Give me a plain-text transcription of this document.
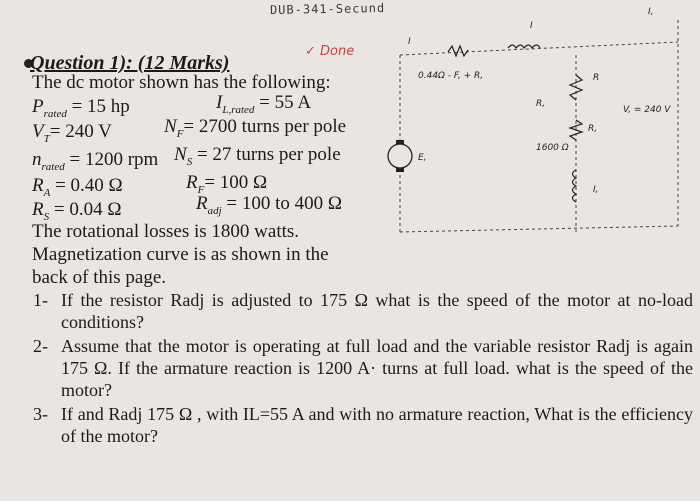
DUB-341-Secund
Question 1): (12 Marks)
✓ Done
The dc motor shown has the following:
$P_{rated} = 15$ hp	$I_{L,rated} = 55$ A
$V_T= 240$ V	$N_F= 2700$ turns per pole
$n_{rated} = 1200$ rpm $N_S = 27$ turns per pole
$R_A = 0.40$ Ω	$R_F= 100$ Ω
$R_S = 0.04$ Ω	$R_{adj} = 100$ to 400 Ω
The rotational losses is 1800 watts.
Magnetization curve is as shown in the
back of this page.
1- If the resistor Radj is adjusted to 175 Ω what is the speed of the motor at no-load conditions?
2- Assume that the motor is operating at full load and the variable resistor Radj is again 175 Ω. If the armature reaction is 1200 A· turns at full load. what is the speed of the motor?
3- If and Radj 175 Ω , with IL=55 A and with no armature reaction, What is the efficiency of the motor?
I
0.44Ω - F, + R,
I
I,
R
V, = 240 V
R,
R,
1600 Ω
I,
E,
